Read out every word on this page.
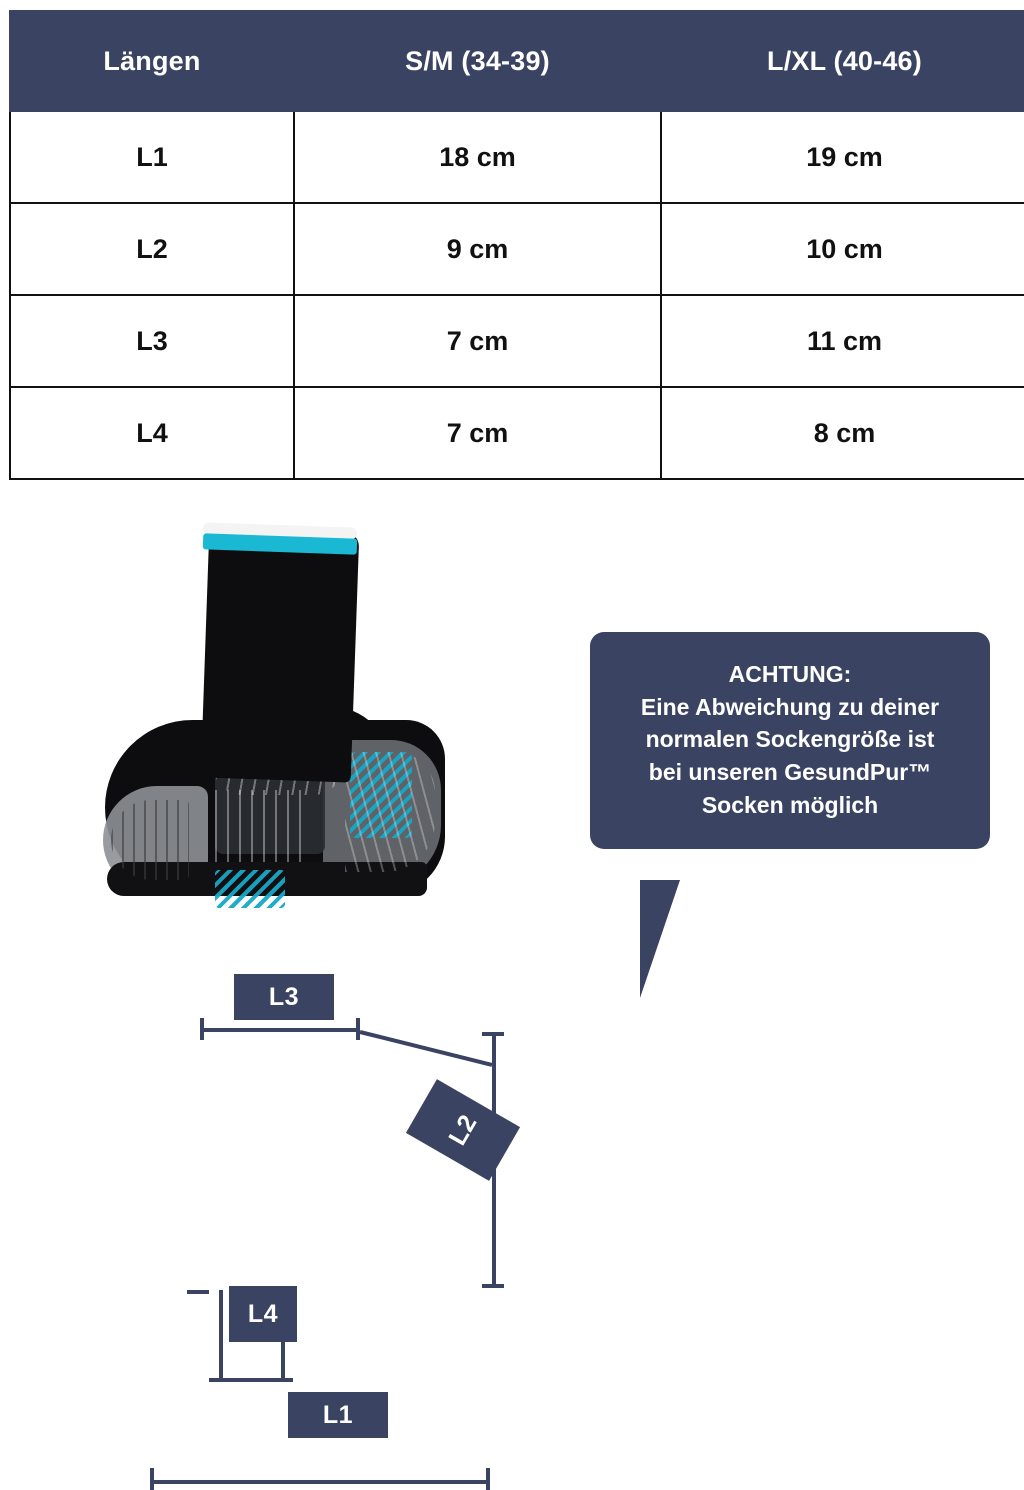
Längen	S/M (34-39)	L/XL (40-46)
L1	18 cm	19 cm
L2	9 cm	10 cm
L3	7 cm	11 cm
L4	7 cm	8 cm
L3
L2
L4
L1

ACHTUNG:

Eine Abweichung zu deiner

normalen Sockengröße ist

bei unseren GesundPur™

Socken möglich
